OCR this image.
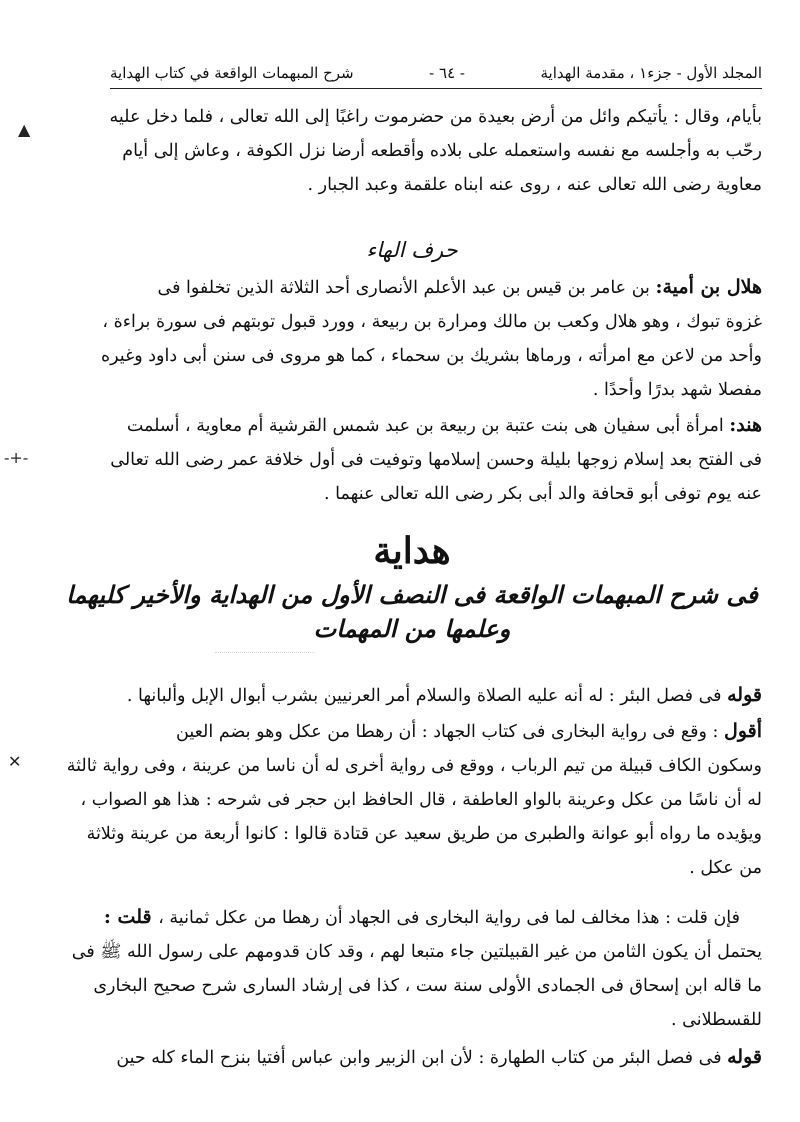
المجلد الأول - جزء١ ، مقدمة الهداية
- ٦٤ -
شرح المبهمات الواقعة في كتاب الهداية
▲
-+-
✕

بأيام، وقال : يأتيكم وائل من أرض بعيدة من حضرموت راغبًا إلى الله تعالى ، فلما دخل عليه

رحّب به وأجلسه مع نفسه واستعمله على بلاده وأقطعه أرضا نزل الكوفة ، وعاش إلى أيام

معاوية رضى الله تعالى عنه ، روى عنه ابناه علقمة وعبد الجبار .

حرف الهاء

هلال بن أمية: بن عامر بن قيس بن عبد الأعلم الأنصارى أحد الثلاثة الذين تخلفوا فى

غزوة تبوك ، وهو هلال وكعب بن مالك ومرارة بن ربيعة ، وورد قبول توبتهم فى سورة براءة ،

وأحد من لاعن مع امرأته ، ورماها بشريك بن سحماء ، كما هو مروى فى سنن أبى داود وغيره

مفصلا شهد بدرًا وأحدًا .

هند: امرأة أبى سفيان هى بنت عتبة بن ربيعة بن عبد شمس القرشية أم معاوية ، أسلمت

فى الفتح بعد إسلام زوجها بليلة وحسن إسلامها وتوفيت فى أول خلافة عمر رضى الله تعالى

عنه يوم توفى أبو قحافة والد أبى بكر رضى الله تعالى عنهما .

هداية

فى شرح المبهمات الواقعة فى النصف الأول من الهداية والأخير كليهما

وعلمها من المهمات

قوله فى فصل البئر : له أنه عليه الصلاة والسلام أمر العرنيين بشرب أبوال الإبل وألبانها .

أقول : وقع فى رواية البخارى فى كتاب الجهاد : أن رهطا من عكل وهو بضم العين

وسكون الكاف قبيلة من تيم الرباب ، ووقع فى رواية أخرى له أن ناسا من عرينة ، وفى رواية ثالثة

له أن ناسًا من عكل وعرينة بالواو العاطفة ، قال الحافظ ابن حجر فى شرحه : هذا هو الصواب ،

ويؤيده ما رواه أبو عوانة والطبرى من طريق سعيد عن قتادة قالوا : كانوا أربعة من عرينة وثلاثة

من عكل .

فإن قلت : هذا مخالف لما فى رواية البخارى فى الجهاد أن رهطا من عكل ثمانية ، قلت :

يحتمل أن يكون الثامن من غير القبيلتين جاء متبعا لهم ، وقد كان قدومهم على رسول الله ﷺ فى

ما قاله ابن إسحاق فى الجمادى الأولى سنة ست ، كذا فى إرشاد السارى شرح صحيح البخارى

للقسطلانى .

قوله فى فصل البئر من كتاب الطهارة : لأن ابن الزبير وابن عباس أفتيا بنزح الماء كله حين
